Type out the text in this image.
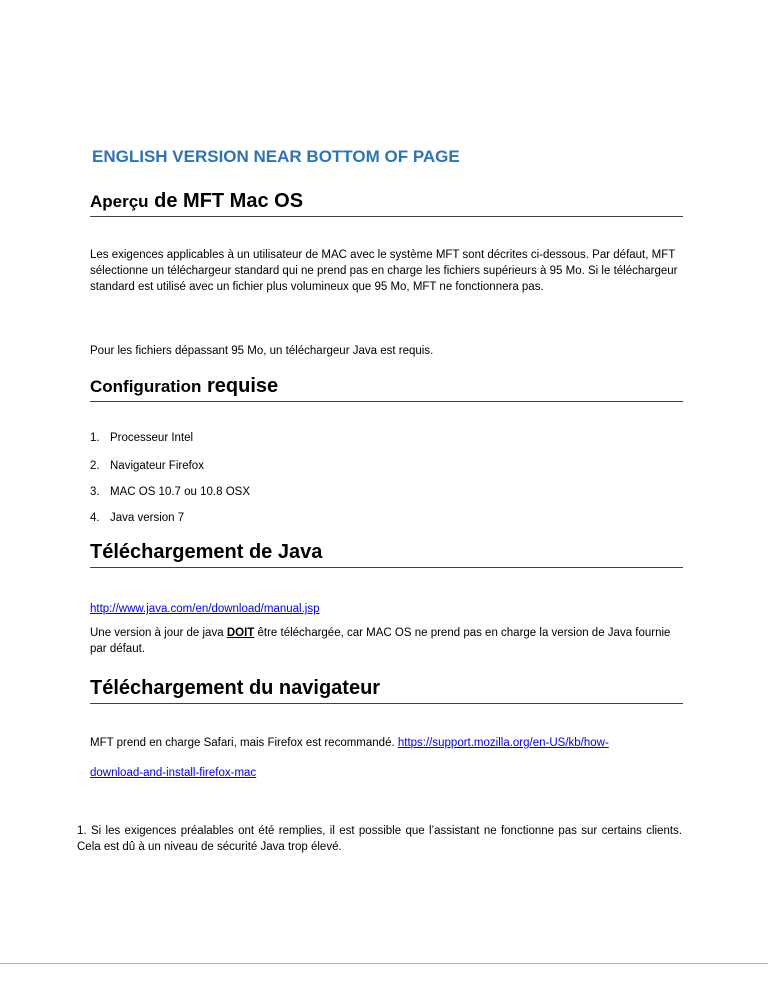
ENGLISH VERSION NEAR BOTTOM OF PAGE
Aperçu de MFT Mac OS

Les exigences applicables à un utilisateur de MAC avec le système MFT sont décrites ci-dessous. Par défaut, MFT sélectionne un téléchargeur standard qui ne prend pas en charge les fichiers supérieurs à 95 Mo. Si le téléchargeur standard est utilisé avec un fichier plus volumineux que 95 Mo, MFT ne fonctionnera pas.

Pour les fichiers dépassant 95 Mo, un téléchargeur Java est requis.

Configuration requise
1. Processeur Intel
2. Navigateur Firefox
3. MAC OS 10.7 ou 10.8 OSX
4. Java version 7
Téléchargement de Java
http://www.java.com/en/download/manual.jsp

Une version à jour de java DOIT être téléchargée, car MAC OS ne prend pas en charge la version de Java fournie par défaut.

Téléchargement du navigateur
MFT prend en charge Safari, mais Firefox est recommandé. https://support.mozilla.org/en-US/kb/how-
download-and-install-firefox-mac

1. Si les exigences préalables ont été remplies, il est possible que l’assistant ne fonctionne pas sur certains clients. Cela est dû à un niveau de sécurité Java trop élevé.
